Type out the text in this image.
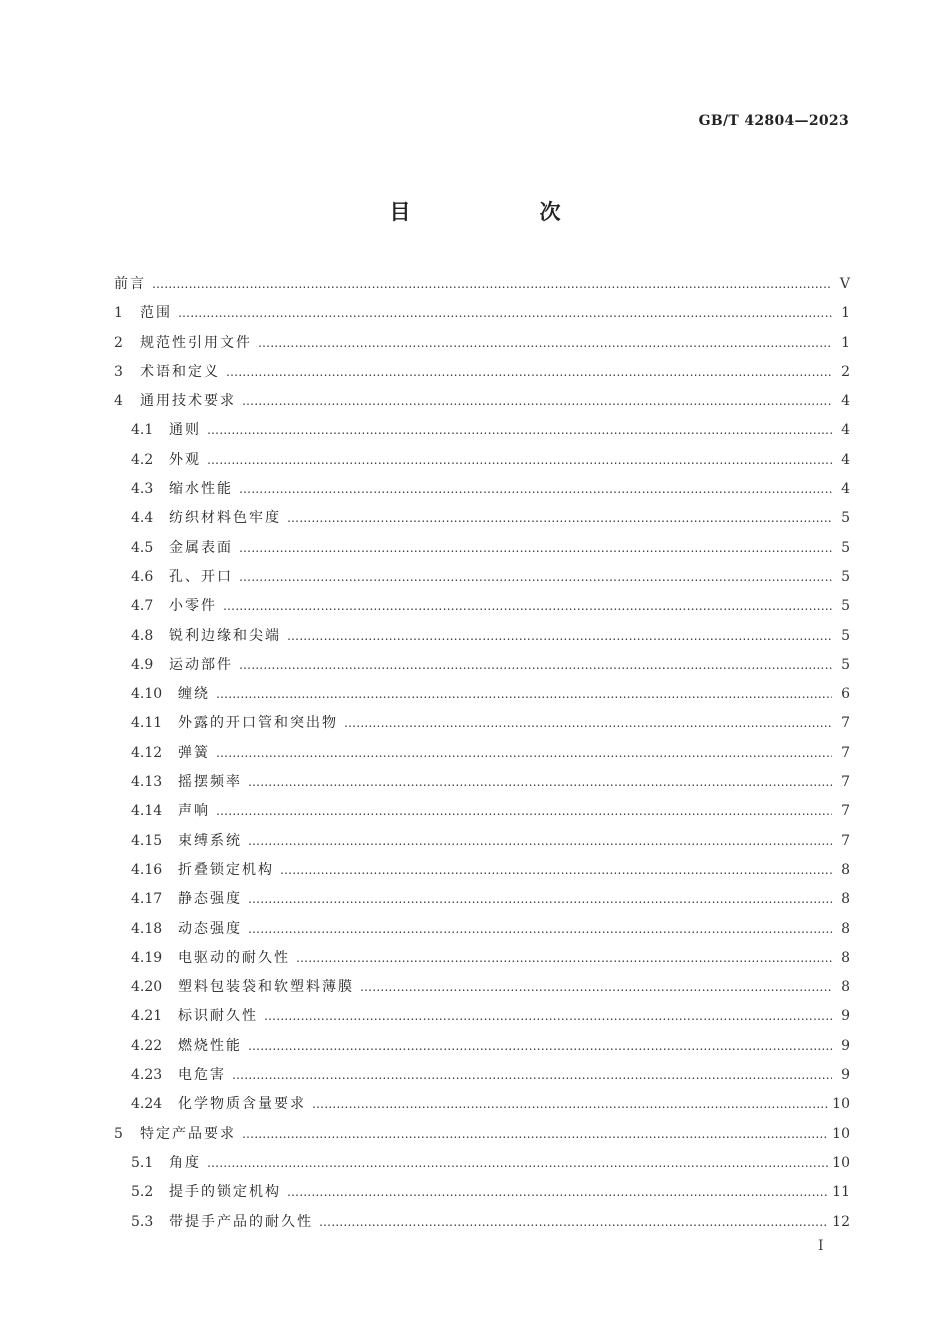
GB/T 42804—2023
目　次
前言 …………………………………………………………………………………………………………………………………………………………………………………………………………	V
1	范围 …………………………………………………………………………………………………………………………………………………………………………………………………………	1
2	规范性引用文件 …………………………………………………………………………………………………………………………………………………………………………………………………………	1
3	术语和定义 …………………………………………………………………………………………………………………………………………………………………………………………………………	2
4	通用技术要求 …………………………………………………………………………………………………………………………………………………………………………………………………………	4
4.1	通则 …………………………………………………………………………………………………………………………………………………………………………………………………………	4
4.2	外观 …………………………………………………………………………………………………………………………………………………………………………………………………………	4
4.3	缩水性能 …………………………………………………………………………………………………………………………………………………………………………………………………………	4
4.4	纺织材料色牢度 …………………………………………………………………………………………………………………………………………………………………………………………………………	5
4.5	金属表面 …………………………………………………………………………………………………………………………………………………………………………………………………………	5
4.6	孔、开口 …………………………………………………………………………………………………………………………………………………………………………………………………………	5
4.7	小零件 …………………………………………………………………………………………………………………………………………………………………………………………………………	5
4.8	锐利边缘和尖端 …………………………………………………………………………………………………………………………………………………………………………………………………………	5
4.9	运动部件 …………………………………………………………………………………………………………………………………………………………………………………………………………	5
4.10	缠绕 …………………………………………………………………………………………………………………………………………………………………………………………………………	6
4.11	外露的开口管和突出物 …………………………………………………………………………………………………………………………………………………………………………………………………………	7
4.12	弹簧 …………………………………………………………………………………………………………………………………………………………………………………………………………	7
4.13	摇摆频率 …………………………………………………………………………………………………………………………………………………………………………………………………………	7
4.14	声响 …………………………………………………………………………………………………………………………………………………………………………………………………………	7
4.15	束缚系统 …………………………………………………………………………………………………………………………………………………………………………………………………………	7
4.16	折叠锁定机构 …………………………………………………………………………………………………………………………………………………………………………………………………………	8
4.17	静态强度 …………………………………………………………………………………………………………………………………………………………………………………………………………	8
4.18	动态强度 …………………………………………………………………………………………………………………………………………………………………………………………………………	8
4.19	电驱动的耐久性 …………………………………………………………………………………………………………………………………………………………………………………………………………	8
4.20	塑料包装袋和软塑料薄膜 …………………………………………………………………………………………………………………………………………………………………………………………………………	8
4.21	标识耐久性 …………………………………………………………………………………………………………………………………………………………………………………………………………	9
4.22	燃烧性能 …………………………………………………………………………………………………………………………………………………………………………………………………………	9
4.23	电危害 …………………………………………………………………………………………………………………………………………………………………………………………………………	9
4.24	化学物质含量要求 …………………………………………………………………………………………………………………………………………………………………………………………………………	10
5	特定产品要求 …………………………………………………………………………………………………………………………………………………………………………………………………………	10
5.1	角度 …………………………………………………………………………………………………………………………………………………………………………………………………………	10
5.2	提手的锁定机构 …………………………………………………………………………………………………………………………………………………………………………………………………………	11
5.3	带提手产品的耐久性 …………………………………………………………………………………………………………………………………………………………………………………………………………	12
I
